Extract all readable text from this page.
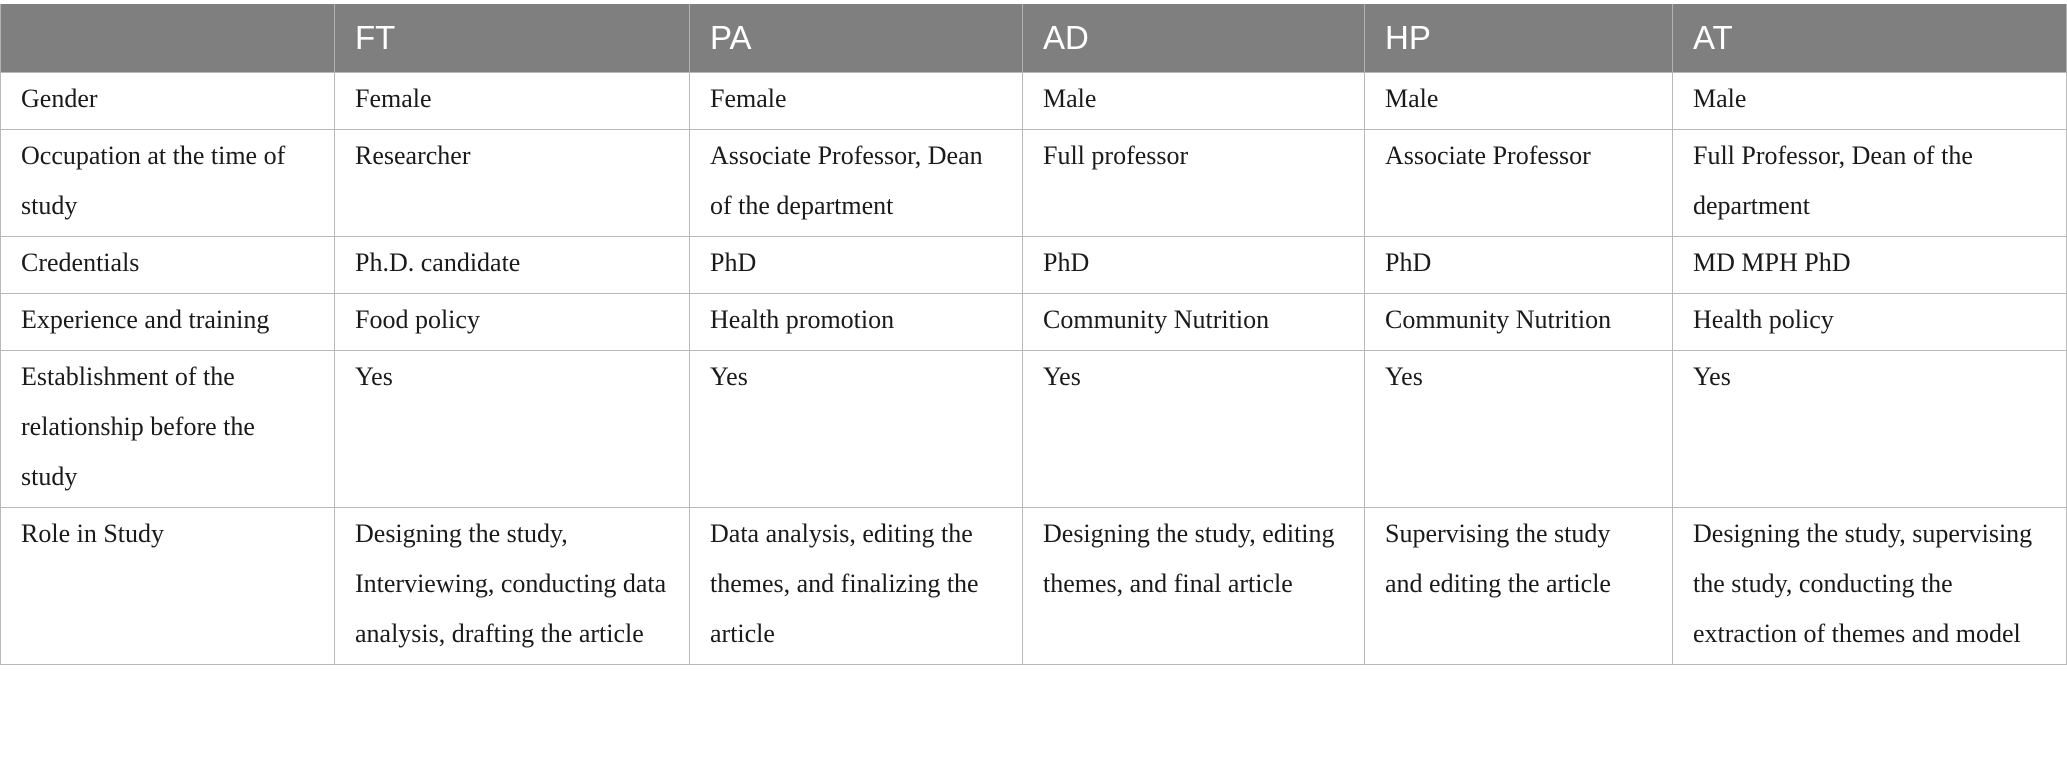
	FT	PA	AD	HP	AT
Gender	Female	Female	Male	Male	Male
Occupation at the time of study	Researcher	Associate Professor, Dean of the department	Full professor	Associate Professor	Full Professor, Dean of the department
Credentials	Ph.D. candidate	PhD	PhD	PhD	MD MPH PhD
Experience and training	Food policy	Health promotion	Community Nutrition	Community Nutrition	Health policy
Establishment of the relationship before the study	Yes	Yes	Yes	Yes	Yes
Role in Study	Designing the study, Interviewing, conducting data analysis, drafting the article	Data analysis, editing the themes, and finalizing the article	Designing the study, editing themes, and final article	Supervising the study and editing the article	Designing the study, supervising the study, conducting the extraction of themes and model
